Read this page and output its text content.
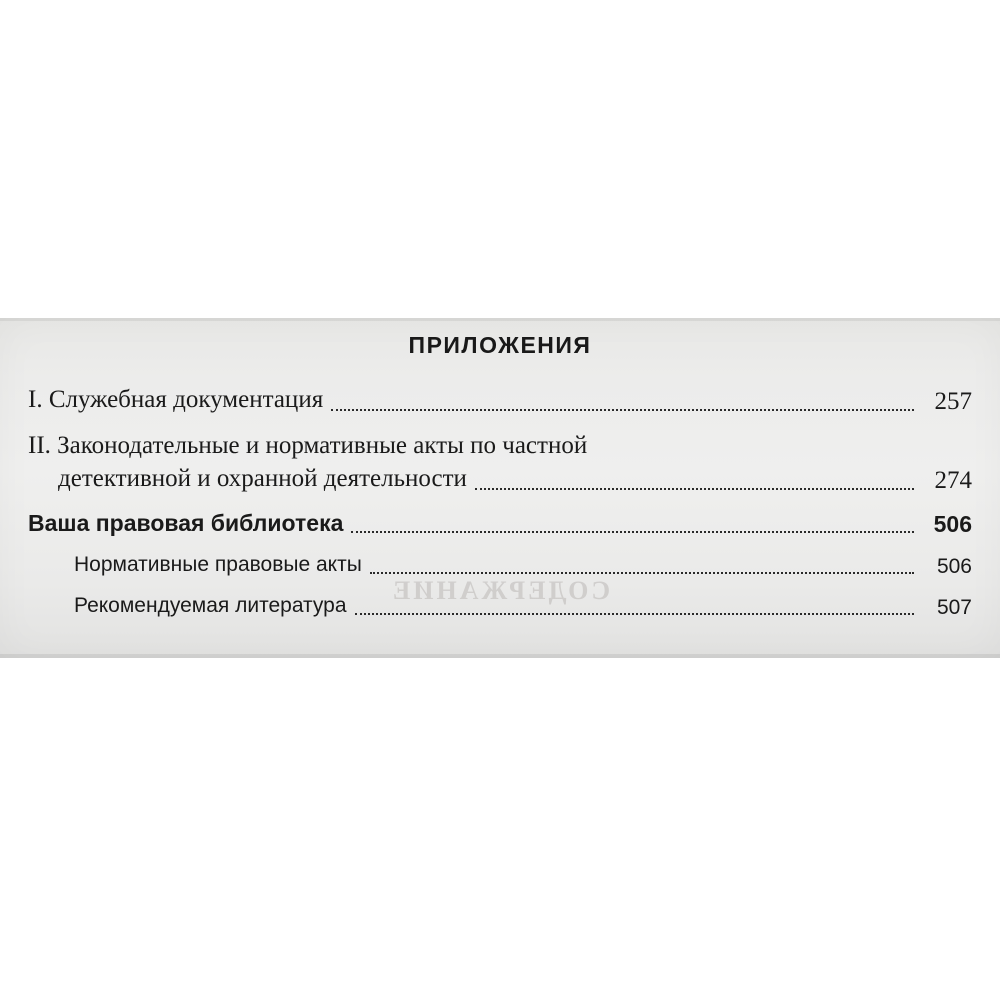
СОДЕРЖАНИЕ
ПРИЛОЖЕНИЯ
I. Служебная документация	257
II. Законодательные и нормативные акты по частной
детективной и охранной деятельности	274
Ваша правовая библиотека	506
Нормативные правовые акты	506
Рекомендуемая литература	507
